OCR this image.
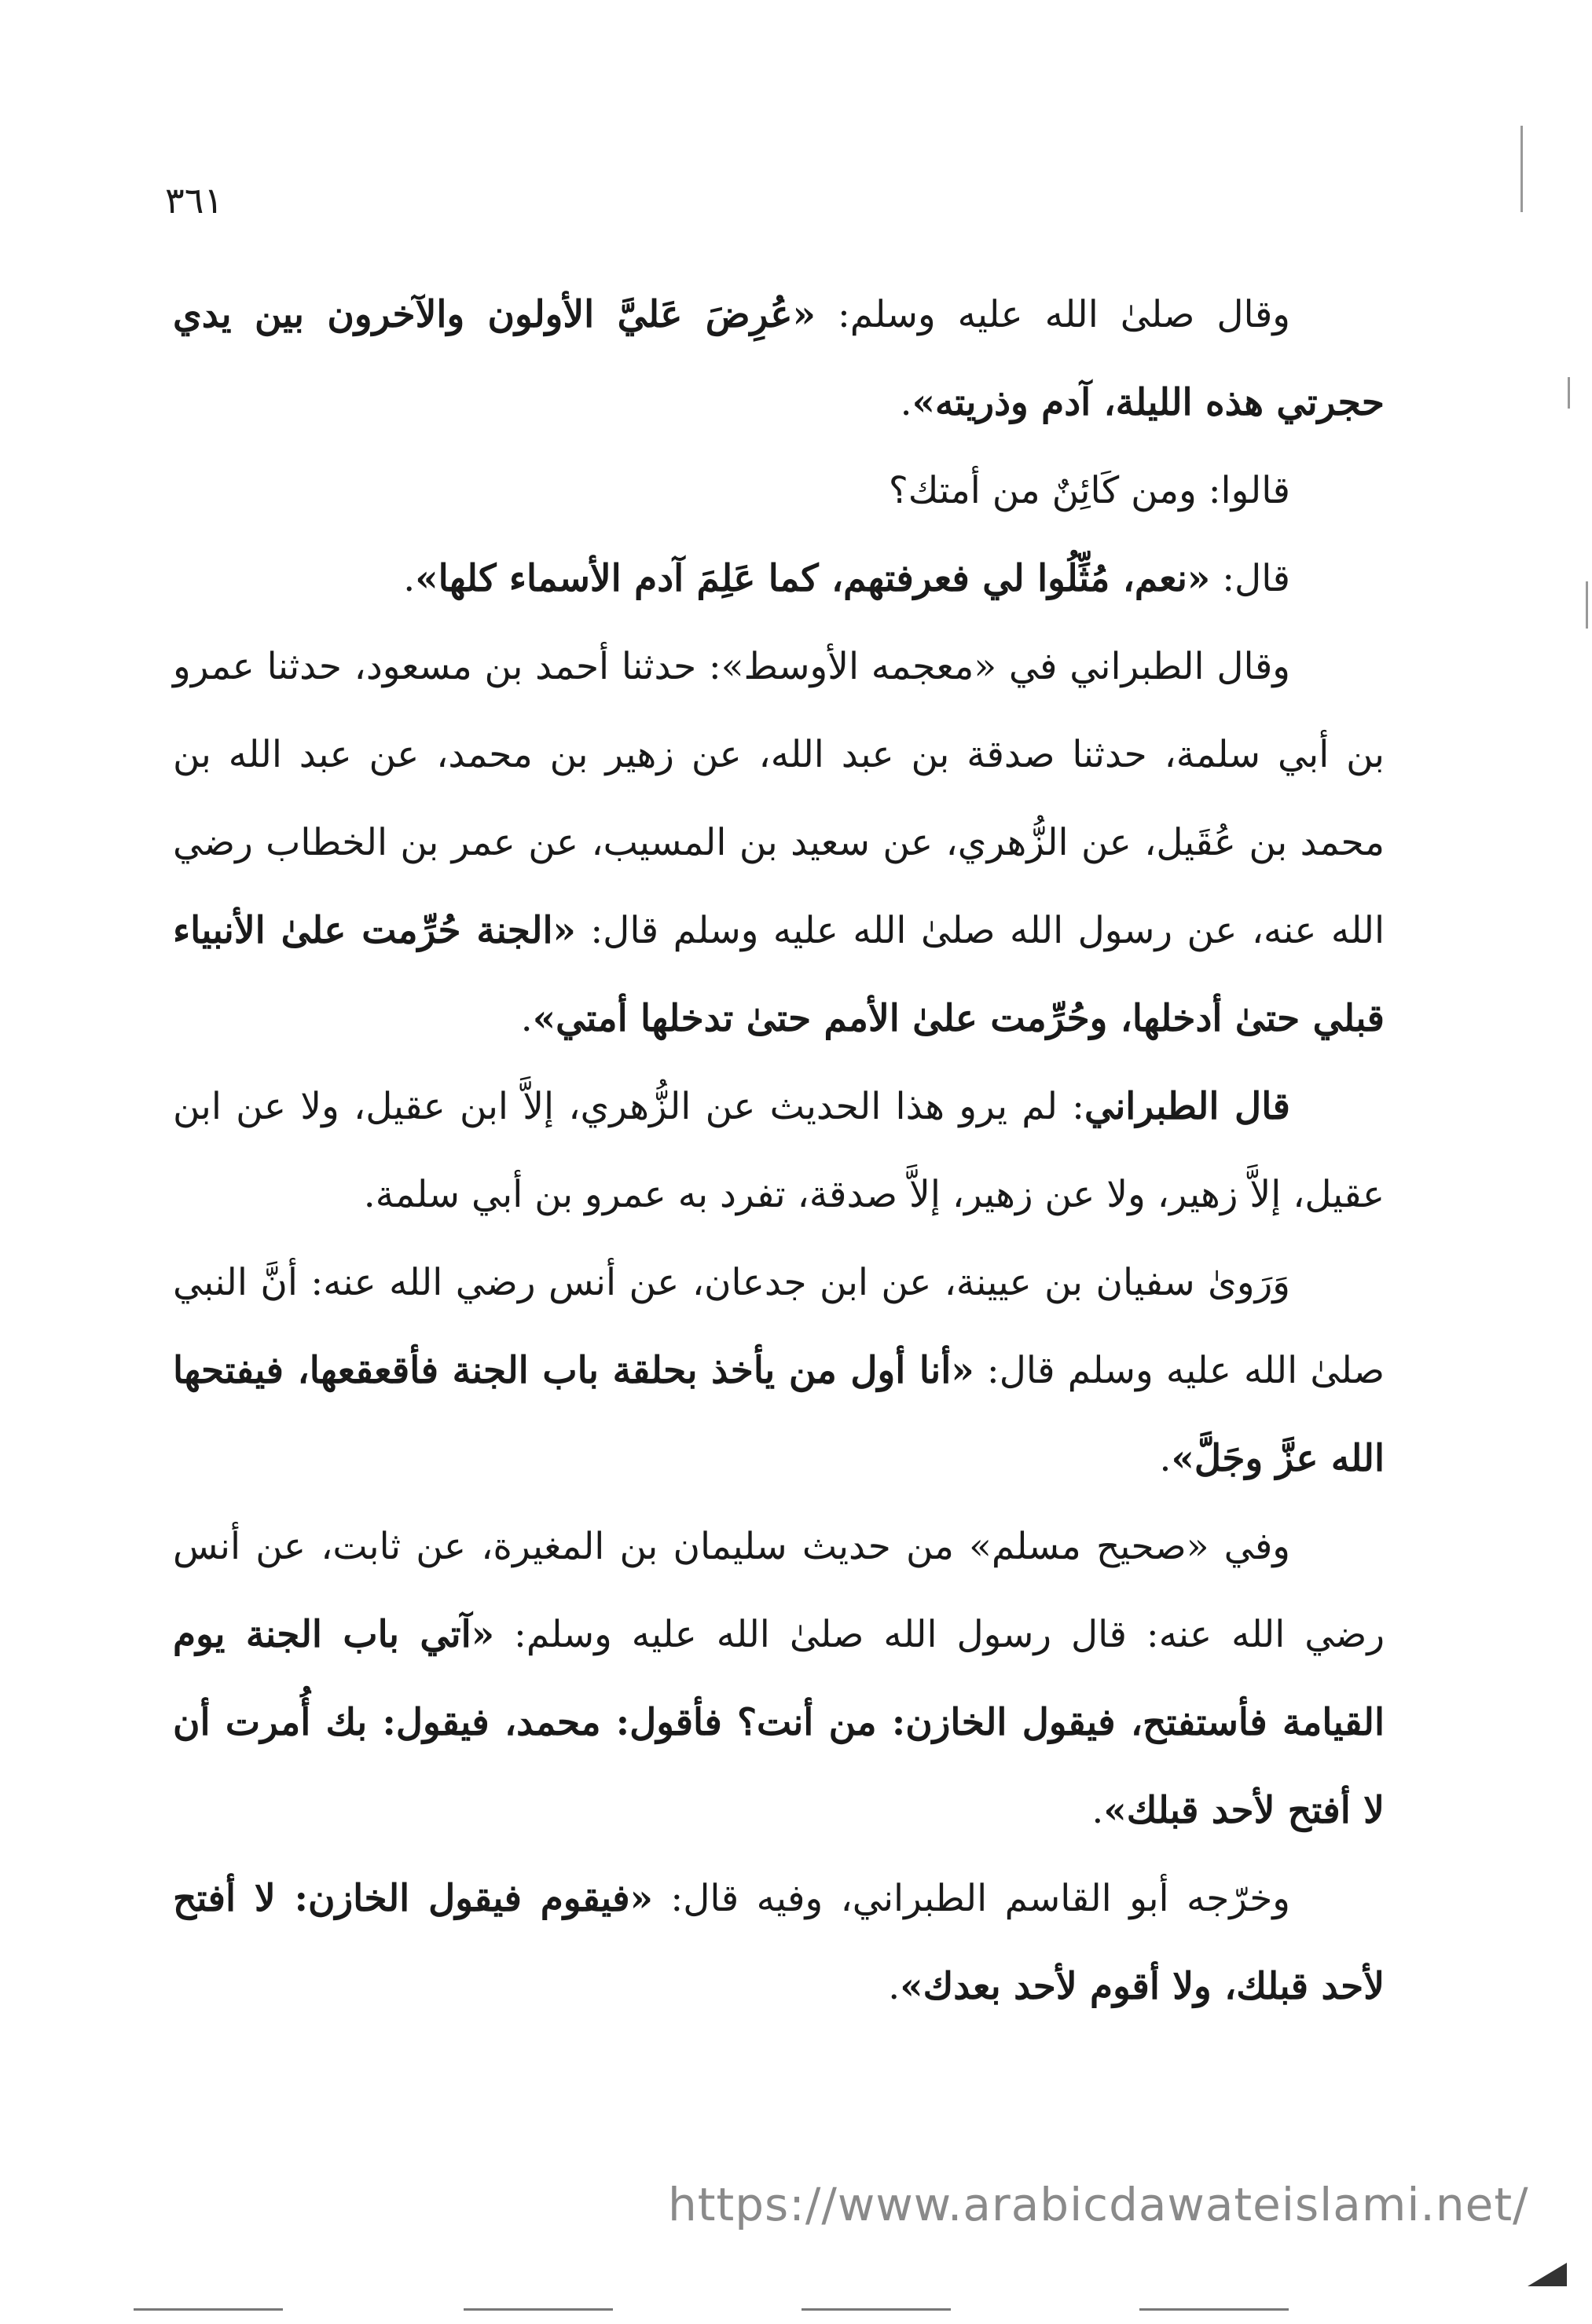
٣٦١

وقال صلىٰ الله عليه وسلم: «عُرِضَ عَليَّ الأولون والآخرون بين يدي حجرتي هذه الليلة، آدم وذريته».

قالوا: ومن كَائِنٌ من أمتك؟

قال: «نعم، مُثِّلُوا لي فعرفتهم، كما عَلِمَ آدم الأسماء كلها».

وقال الطبراني في «معجمه الأوسط»: حدثنا أحمد بن مسعود، حدثنا عمرو بن أبي سلمة، حدثنا صدقة بن عبد الله، عن زهير بن محمد، عن عبد الله بن محمد بن عُقَيل، عن الزُّهري، عن سعيد بن المسيب، عن عمر بن الخطاب رضي الله عنه، عن رسول الله صلىٰ الله عليه وسلم قال: «الجنة حُرِّمت علىٰ الأنبياء قبلي حتىٰ أدخلها، وحُرِّمت علىٰ الأمم حتىٰ تدخلها أمتي».

قال الطبراني: لم يرو هذا الحديث عن الزُّهري، إلاَّ ابن عقيل، ولا عن ابن عقيل، إلاَّ زهير، ولا عن زهير، إلاَّ صدقة، تفرد به عمرو بن أبي سلمة.

وَرَوىٰ سفيان بن عيينة، عن ابن جدعان، عن أنس رضي الله عنه: أنَّ النبي صلىٰ الله عليه وسلم قال: «أنا أول من يأخذ بحلقة باب الجنة فأقعقعها، فيفتحها الله عزَّ وجَلَّ».

وفي «صحيح مسلم» من حديث سليمان بن المغيرة، عن ثابت، عن أنس رضي الله عنه: قال رسول الله صلىٰ الله عليه وسلم: «آتي باب الجنة يوم القيامة فأستفتح، فيقول الخازن: من أنت؟ فأقول: محمد، فيقول: بك أُمرت أن لا أفتح لأحد قبلك».

وخرّجه أبو القاسم الطبراني، وفيه قال: «فيقوم فيقول الخازن: لا أفتح لأحد قبلك، ولا أقوم لأحد بعدك».

https://www.arabicdawateislami.net/
